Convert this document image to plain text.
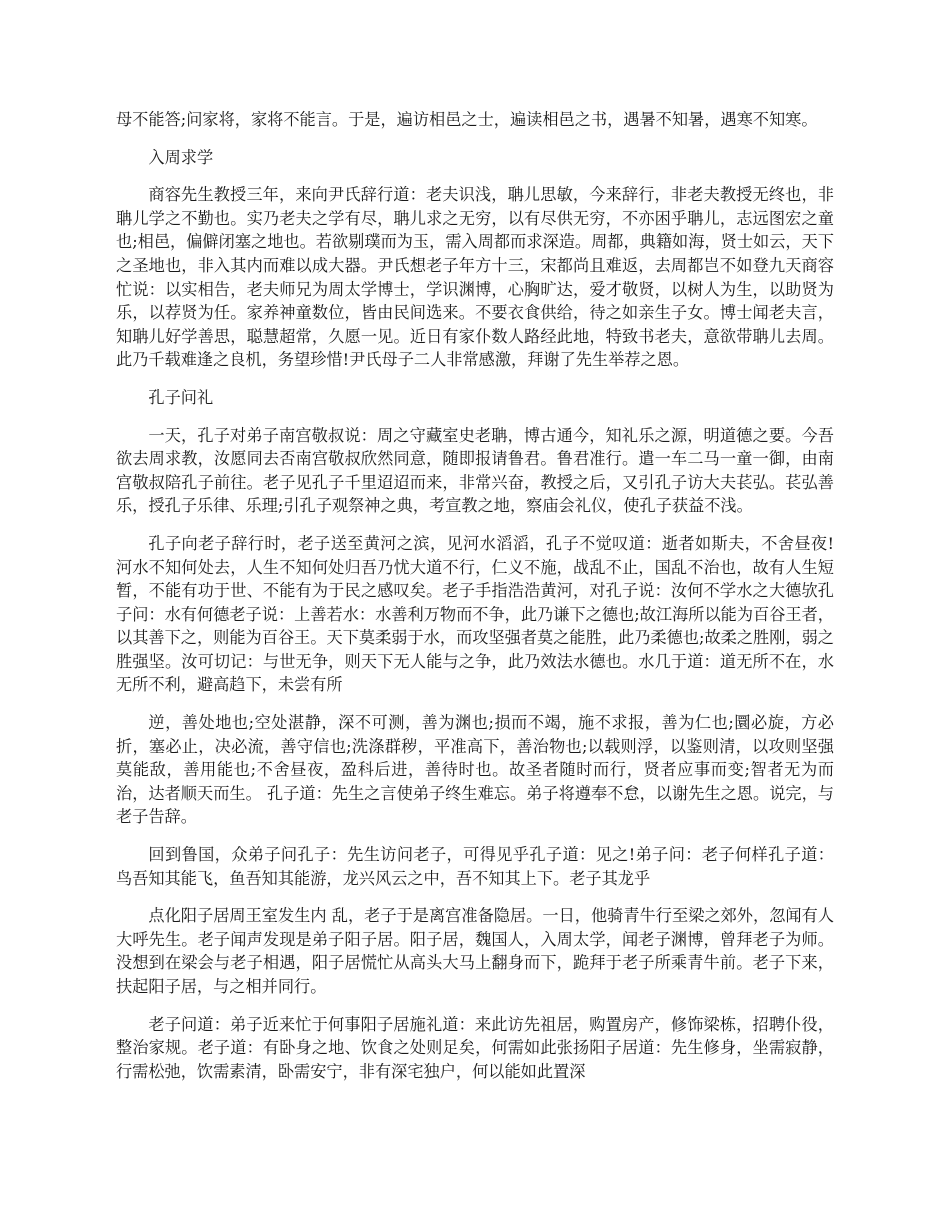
母不能答;问家将，家将不能言。于是，遍访相邑之士，遍读相邑之书，遇暑不知暑，遇寒不知寒。

入周求学

商容先生教授三年，来向尹氏辞行道：老夫识浅，聃儿思敏，今来辞行，非老夫教授无终也，非聃儿学之不勤也。实乃老夫之学有尽，聃儿求之无穷，以有尽供无穷，不亦困乎聃儿，志远图宏之童也;相邑，偏僻闭塞之地也。若欲剔璞而为玉，需入周都而求深造。周都，典籍如海，贤士如云，天下之圣地也，非入其内而难以成大器。尹氏想老子年方十三，宋都尚且难返，去周都岂不如登九天商容忙说：以实相告，老夫师兄为周太学博士，学识渊博，心胸旷达，爱才敬贤，以树人为生，以助贤为乐，以荐贤为任。家养神童数位，皆由民间选来。不要衣食供给，待之如亲生子女。博士闻老夫言，知聃儿好学善思，聪慧超常，久愿一见。近日有家仆数人路经此地，特致书老夫，意欲带聃儿去周。此乃千载难逢之良机，务望珍惜!尹氏母子二人非常感激，拜谢了先生举荐之恩。

孔子问礼

一天，孔子对弟子南宫敬叔说：周之守藏室史老聃，博古通今，知礼乐之源，明道德之要。今吾欲去周求教，汝愿同去否南宫敬叔欣然同意，随即报请鲁君。鲁君准行。遣一车二马一童一御，由南宫敬叔陪孔子前往。老子见孔子千里迢迢而来，非常兴奋，教授之后，又引孔子访大夫苌弘。苌弘善乐，授孔子乐律、乐理;引孔子观祭神之典，考宣教之地，察庙会礼仪，使孔子获益不浅。

孔子向老子辞行时，老子送至黄河之滨，见河水滔滔，孔子不觉叹道：逝者如斯夫，不舍昼夜!河水不知何处去，人生不知何处归吾乃忧大道不行，仁义不施，战乱不止，国乱不治也，故有人生短暂，不能有功于世、不能有为于民之感叹矣。老子手指浩浩黄河，对孔子说：汝何不学水之大德欤孔子问：水有何德老子说：上善若水：水善利万物而不争，此乃谦下之德也;故江海所以能为百谷王者，以其善下之，则能为百谷王。天下莫柔弱于水，而攻坚强者莫之能胜，此乃柔德也;故柔之胜刚，弱之胜强坚。汝可切记：与世无争，则天下无人能与之争，此乃效法水德也。水几于道：道无所不在，水无所不利，避高趋下，未尝有所

逆，善处地也;空处湛静，深不可测，善为渊也;损而不竭，施不求报，善为仁也;圜必旋，方必折，塞必止，决必流，善守信也;洗涤群秽，平准高下，善治物也;以载则浮，以鉴则清，以攻则坚强莫能敌，善用能也;不舍昼夜，盈科后进，善待时也。故圣者随时而行，贤者应事而变;智者无为而治，达者顺天而生。 孔子道：先生之言使弟子终生难忘。弟子将遵奉不怠，以谢先生之恩。说完，与老子告辞。

回到鲁国，众弟子问孔子：先生访问老子，可得见乎孔子道：见之!弟子问：老子何样孔子道：鸟吾知其能飞，鱼吾知其能游，龙兴风云之中，吾不知其上下。老子其龙乎

点化阳子居周王室发生内 乱，老子于是离宫准备隐居。一日，他骑青牛行至梁之郊外，忽闻有人大呼先生。老子闻声发现是弟子阳子居。阳子居，魏国人，入周太学，闻老子渊博，曾拜老子为师。没想到在梁会与老子相遇，阳子居慌忙从高头大马上翻身而下，跪拜于老子所乘青牛前。老子下来，扶起阳子居，与之相并同行。

老子问道：弟子近来忙于何事阳子居施礼道：来此访先祖居，购置房产，修饰梁栋，招聘仆役，整治家规。老子道：有卧身之地、饮食之处则足矣，何需如此张扬阳子居道：先生修身，坐需寂静，行需松弛，饮需素清，卧需安宁，非有深宅独户，何以能如此置深
